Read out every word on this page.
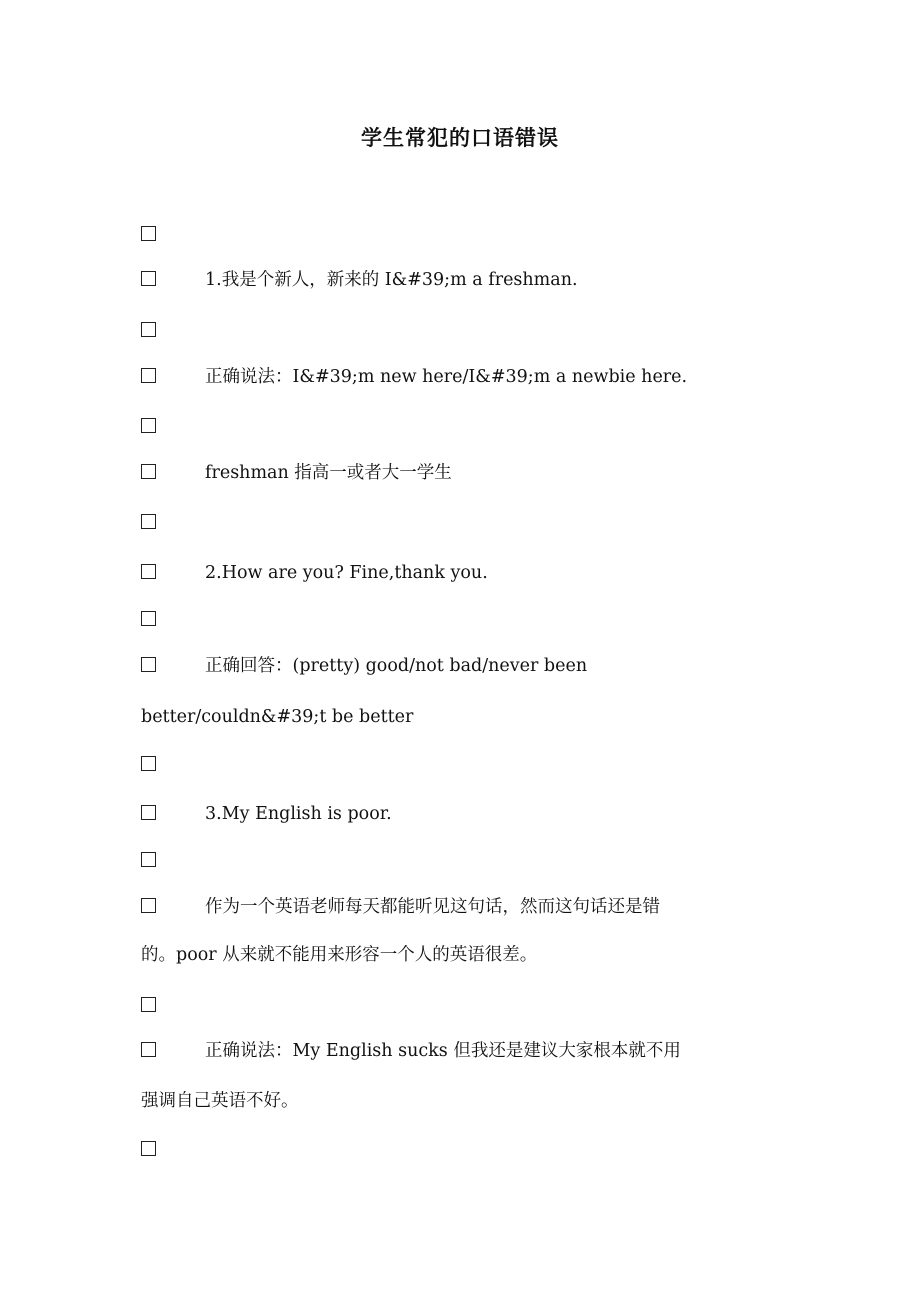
学生常犯的口语错误
1.我是个新人，新来的 I&#39;m a freshman.
正确说法：I&#39;m new here/I&#39;m a newbie here.
freshman 指高一或者大一学生
2.How are you? Fine,thank you.
正确回答：(pretty) good/not bad/never been
better/couldn&#39;t be better
3.My English is poor.
作为一个英语老师每天都能听见这句话，然而这句话还是错
的。poor 从来就不能用来形容一个人的英语很差。
正确说法：My English sucks 但我还是建议大家根本就不用
强调自己英语不好。
